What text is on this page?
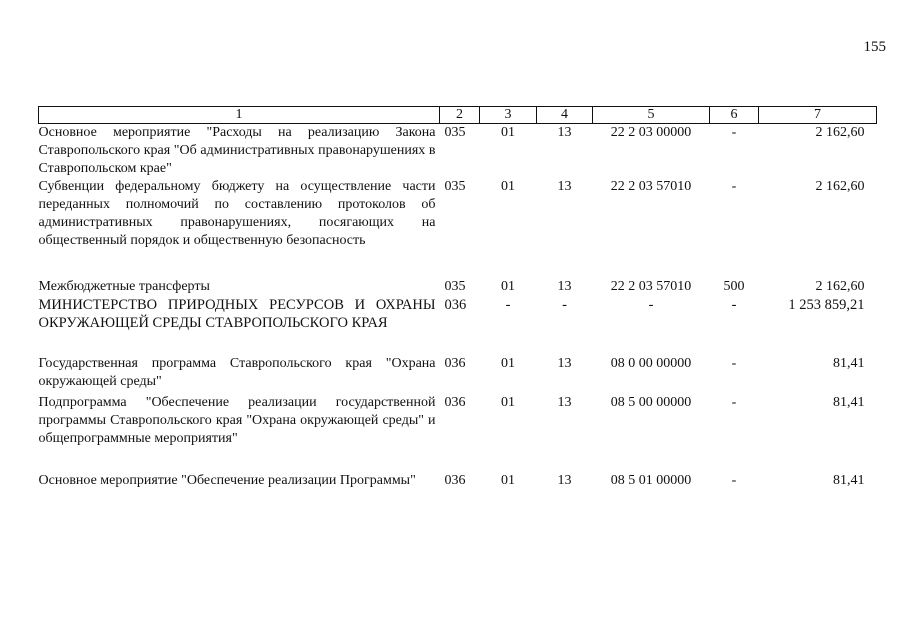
155
1	2	3	4	5	6	7
Основное мероприятие "Расходы на реализацию Закона Ставропольского края "Об административных правонарушениях в Ставропольском крае"	035	01	13	22 2 03 00000	-	2 162,60
Субвенции федеральному бюджету на осуществление части переданных полномочий по составлению протоколов об административных правонарушениях, посягающих на общественный порядок и общественную безопасность	035	01	13	22 2 03 57010	-	2 162,60
Межбюджетные трансферты	035	01	13	22 2 03 57010	500	2 162,60
МИНИСТЕРСТВО ПРИРОДНЫХ РЕСУРСОВ И ОХРАНЫ ОКРУЖАЮЩЕЙ СРЕДЫ СТАВРОПОЛЬСКОГО КРАЯ	036	-	-	-	-	1 253 859,21
Государственная программа Ставропольского края "Охрана окружающей среды"	036	01	13	08 0 00 00000	-	81,41
Подпрограмма "Обеспечение реализации государственной программы Ставропольского края "Охрана окружающей среды" и общепрограммные мероприятия"	036	01	13	08 5 00 00000	-	81,41
Основное мероприятие "Обеспечение реализации Программы"	036	01	13	08 5 01 00000	-	81,41
